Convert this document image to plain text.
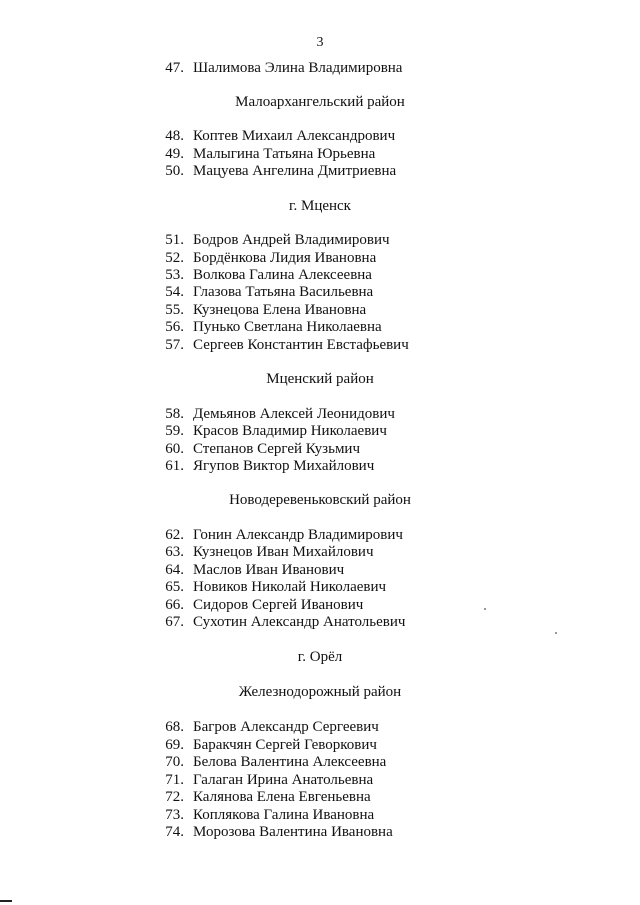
3
47. Шалимова Элина Владимировна
Малоархангельский район
48. Коптев Михаил Александрович
49. Малыгина Татьяна Юрьевна
50. Мацуева Ангелина Дмитриевна
г. Мценск
51. Бодров Андрей Владимирович
52. Бордёнкова Лидия Ивановна
53. Волкова Галина Алексеевна
54. Глазова Татьяна Васильевна
55. Кузнецова Елена Ивановна
56. Пунько Светлана Николаевна
57. Сергеев Константин Евстафьевич
Мценский район
58. Демьянов Алексей Леонидович
59. Красов Владимир Николаевич
60. Степанов Сергей Кузьмич
61. Ягупов Виктор Михайлович
Новодеревеньковский район
62. Гонин Александр Владимирович
63. Кузнецов Иван Михайлович
64. Маслов Иван Иванович
65. Новиков Николай Николаевич
66. Сидоров Сергей Иванович
67. Сухотин Александр Анатольевич
г. Орёл
Железнодорожный район
68. Багров Александр Сергеевич
69. Баракчян Сергей Геворкович
70. Белова Валентина Алексеевна
71. Галаган Ирина Анатольевна
72. Калянова Елена Евгеньевна
73. Коплякова Галина Ивановна
74. Морозова Валентина Ивановна
